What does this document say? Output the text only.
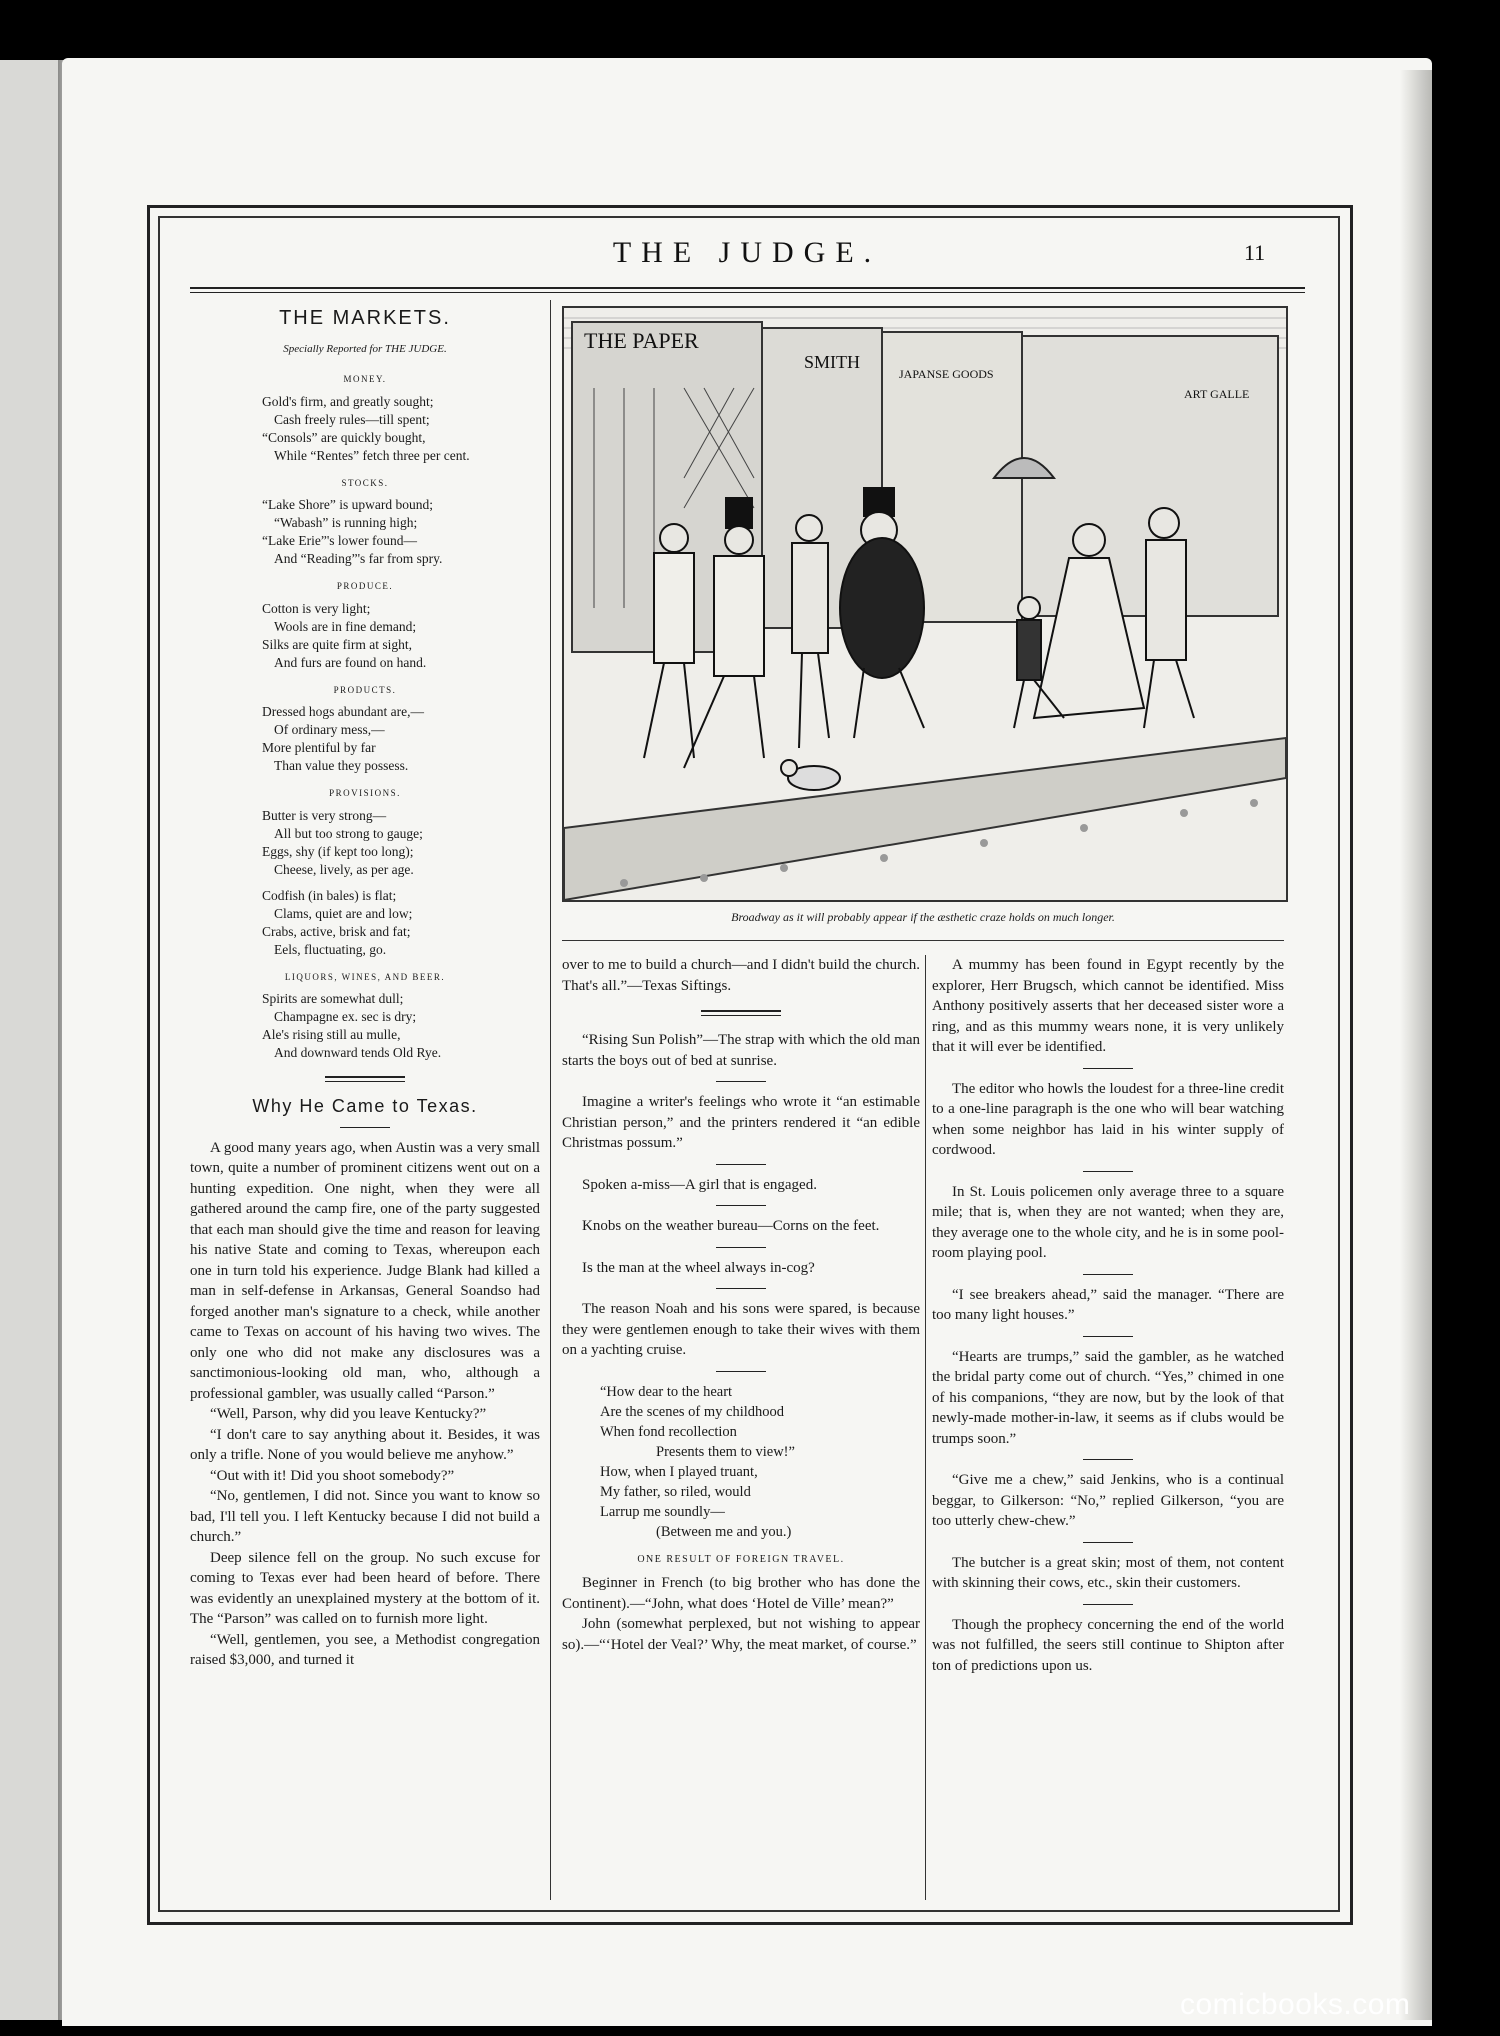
THE JUDGE.	11
THE MARKETS.
Specially Reported for THE JUDGE.
MONEY.
Gold's firm, and greatly sought;
Cash freely rules—till spent;
“Consols” are quickly bought,
While “Rentes” fetch three per cent.
STOCKS.
“Lake Shore” is upward bound;
“Wabash” is running high;
“Lake Erie”'s lower found—
And “Reading”'s far from spry.
PRODUCE.
Cotton is very light;
Wools are in fine demand;
Silks are quite firm at sight,
And furs are found on hand.
PRODUCTS.
Dressed hogs abundant are,—
Of ordinary mess,—
More plentiful by far
Than value they possess.
PROVISIONS.
Butter is very strong—
All but too strong to gauge;
Eggs, shy (if kept too long);
Cheese, lively, as per age.
Codfish (in bales) is flat;
Clams, quiet are and low;
Crabs, active, brisk and fat;
Eels, fluctuating, go.
LIQUORS, WINES, AND BEER.
Spirits are somewhat dull;
Champagne ex. sec is dry;
Ale's rising still au mulle,
And downward tends Old Rye.
Why He Came to Texas.

A good many years ago, when Austin was a very small town, quite a number of prominent citizens went out on a hunting expedition. One night, when they were all gathered around the camp fire, one of the party suggested that each man should give the time and reason for leaving his native State and coming to Texas, whereupon each one in turn told his experience. Judge Blank had killed a man in self-defense in Arkansas, General Soandso had forged another man's signature to a check, while another came to Texas on account of his having two wives. The only one who did not make any disclosures was a sanctimonious-looking old man, who, although a professional gambler, was usually called “Parson.”

“Well, Parson, why did you leave Kentucky?”

“I don't care to say anything about it. Besides, it was only a trifle. None of you would believe me anyhow.”

“Out with it! Did you shoot somebody?”

“No, gentlemen, I did not. Since you want to know so bad, I'll tell you. I left Kentucky because I did not build a church.”

Deep silence fell on the group. No such excuse for coming to Texas ever had been heard of before. There was evidently an unexplained mystery at the bottom of it. The “Parson” was called on to furnish more light.

“Well, gentlemen, you see, a Methodist congregation raised $3,000, and turned it

THE PAPER
SMITH
JAPANSE GOODS
ART GALLE
Broadway as it will probably appear if the æsthetic craze holds on much longer.

over to me to build a church—and I didn't build the church. That's all.”—Texas Siftings.

“Rising Sun Polish”—The strap with which the old man starts the boys out of bed at sunrise.

Imagine a writer's feelings who wrote it “an estimable Christian person,” and the printers rendered it “an edible Christmas possum.”

Spoken a-miss—A girl that is engaged.

Knobs on the weather bureau—Corns on the feet.

Is the man at the wheel always in-cog?

The reason Noah and his sons were spared, is because they were gentlemen enough to take their wives with them on a yachting cruise.

“How dear to the heart
Are the scenes of my childhood
When fond recollection
Presents them to view!”
How, when I played truant,
My father, so riled, would
Larrup me soundly—
(Between me and you.)
ONE RESULT OF FOREIGN TRAVEL.

Beginner in French (to big brother who has done the Continent).—“John, what does ‘Hotel de Ville’ mean?”

John (somewhat perplexed, but not wishing to appear so).—“‘Hotel der Veal?’ Why, the meat market, of course.”

A mummy has been found in Egypt recently by the explorer, Herr Brugsch, which cannot be identified. Miss Anthony positively asserts that her deceased sister wore a ring, and as this mummy wears none, it is very unlikely that it will ever be identified.

The editor who howls the loudest for a three-line credit to a one-line paragraph is the one who will bear watching when some neighbor has laid in his winter supply of cordwood.

In St. Louis policemen only average three to a square mile; that is, when they are not wanted; when they are, they average one to the whole city, and he is in some pool-room playing pool.

“I see breakers ahead,” said the manager. “There are too many light houses.”

“Hearts are trumps,” said the gambler, as he watched the bridal party come out of church. “Yes,” chimed in one of his companions, “they are now, but by the look of that newly-made mother-in-law, it seems as if clubs would be trumps soon.”

“Give me a chew,” said Jenkins, who is a continual beggar, to Gilkerson: “No,” replied Gilkerson, “you are too utterly chew-chew.”

The butcher is a great skin; most of them, not content with skinning their cows, etc., skin their customers.

Though the prophecy concerning the end of the world was not fulfilled, the seers still continue to Shipton after ton of predictions upon us.

comicbooks.com
